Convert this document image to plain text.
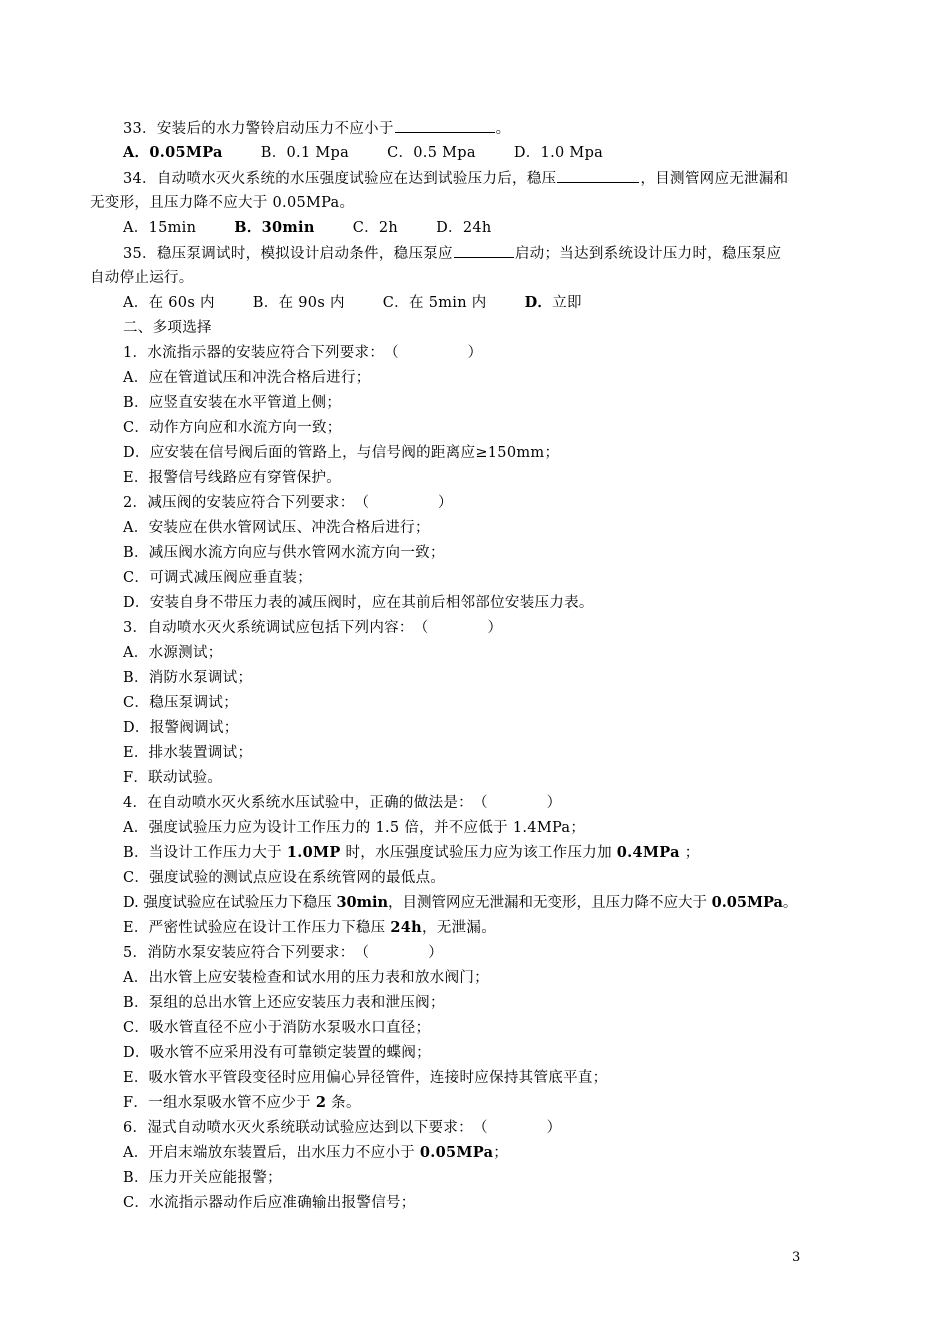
33．安装后的水力警铃启动压力不应小于	。
A．0.05MPa	B．0.1 Mpa	C．0.5 Mpa	D．1.0 Mpa
34．自动喷水灭火系统的水压强度试验应在达到试验压力后，稳压	，目测管网应无泄漏和
无变形，且压力降不应大于 0.05MPa。
A．15min	B．30min	C．2h	D．24h
35．稳压泵调试时，模拟设计启动条件，稳压泵应	启动；当达到系统设计压力时，稳压泵应
自动停止运行。
A．在 60s 内	B．在 90s 内	C．在 5min 内	D．立即
二、多项选择
1．水流指示器的安装应符合下列要求：（              ）
A．应在管道试压和冲洗合格后进行；
B．应竖直安装在水平管道上侧；
C．动作方向应和水流方向一致；
D．应安装在信号阀后面的管路上，与信号阀的距离应≥150mm；
E．报警信号线路应有穿管保护。
2．减压阀的安装应符合下列要求：（              ）
A．安装应在供水管网试压、冲洗合格后进行；
B．减压阀水流方向应与供水管网水流方向一致；
C．可调式减压阀应垂直装；
D．安装自身不带压力表的减压阀时，应在其前后相邻部位安装压力表。
3．自动喷水灭火系统调试应包括下列内容：（            ）
A．水源测试；
B．消防水泵调试；
C．稳压泵调试；
D．报警阀调试；
E．排水装置调试；
F．联动试验。
4．在自动喷水灭火系统水压试验中，正确的做法是：（            ）
A．强度试验压力应为设计工作压力的 1.5 倍，并不应低于 1.4MPa；
B．当设计工作压力大于 1.0MP 时，水压强度试验压力应为该工作压力加 0.4MPa ；
C．强度试验的测试点应设在系统管网的最低点。
D. 强度试验应在试验压力下稳压 30min，目测管网应无泄漏和无变形，且压力降不应大于 0.05MPa。
E．严密性试验应在设计工作压力下稳压 24h，无泄漏。
5．消防水泵安装应符合下列要求：（            ）
A．出水管上应安装检查和试水用的压力表和放水阀门；
B．泵组的总出水管上还应安装压力表和泄压阀；
C．吸水管直径不应小于消防水泵吸水口直径；
D．吸水管不应采用没有可靠锁定装置的蝶阀；
E．吸水管水平管段变径时应用偏心异径管件，连接时应保持其管底平直；
F．一组水泵吸水管不应少于 2 条。
6．湿式自动喷水灭火系统联动试验应达到以下要求：（            ）
A．开启末端放东装置后，出水压力不应小于 0.05MPa；
B．压力开关应能报警；
C．水流指示器动作后应准确输出报警信号；
3
